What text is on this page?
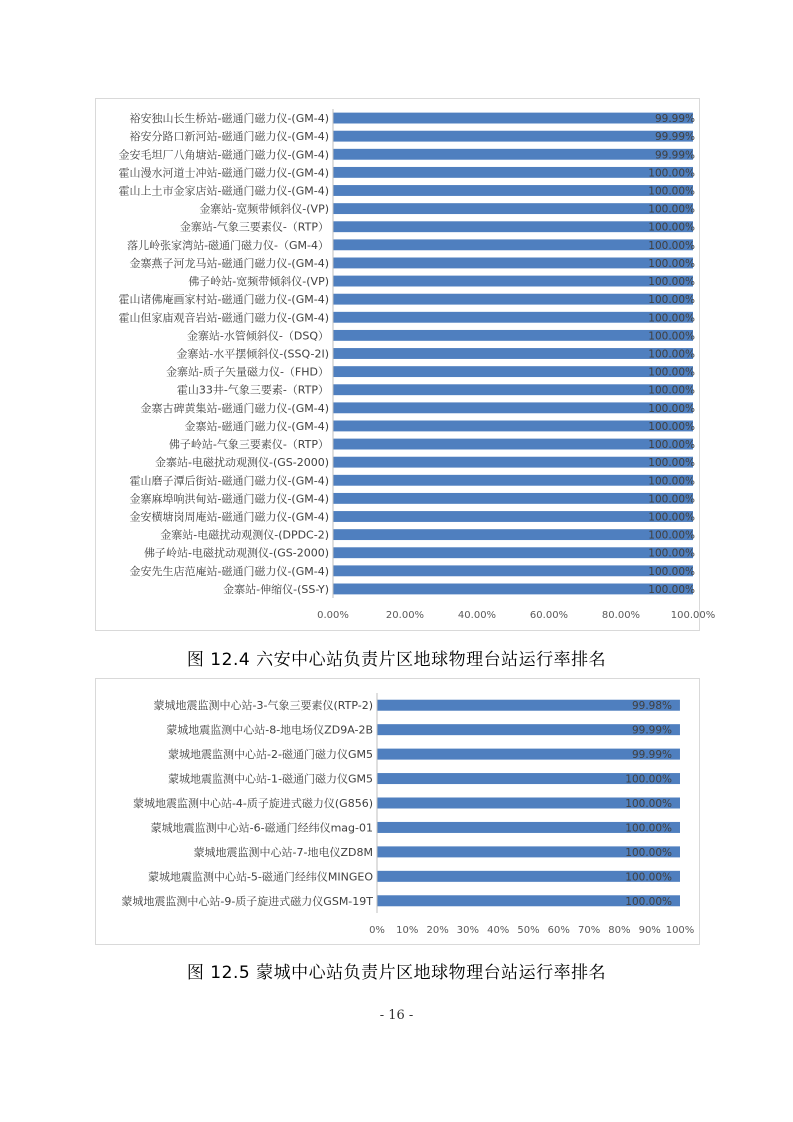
裕安独山长生桥站-磁通门磁力仪-(GM-4)	99.99%
裕安分路口新河站-磁通门磁力仪-(GM-4)	99.99%
金安毛坦厂八角塘站-磁通门磁力仪-(GM-4)	99.99%
霍山漫水河道士冲站-磁通门磁力仪-(GM-4)	100.00%
霍山上土市金家店站-磁通门磁力仪-(GM-4)	100.00%
金寨站-宽频带倾斜仪-(VP)	100.00%
金寨站-气象三要素仪-（RTP）	100.00%
落儿岭张家湾站-磁通门磁力仪-（GM-4）	100.00%
金寨燕子河龙马站-磁通门磁力仪-(GM-4)	100.00%
佛子岭站-宽频带倾斜仪-(VP)	100.00%
霍山诸佛庵画家村站-磁通门磁力仪-(GM-4)	100.00%
霍山但家庙观音岩站-磁通门磁力仪-(GM-4)	100.00%
金寨站-水管倾斜仪-（DSQ）	100.00%
金寨站-水平摆倾斜仪-(SSQ-2I)	100.00%
金寨站-质子矢量磁力仪-（FHD）	100.00%
霍山33井-气象三要素-（RTP）	100.00%
金寨古碑黄集站-磁通门磁力仪-(GM-4)	100.00%
金寨站-磁通门磁力仪-(GM-4)	100.00%
佛子岭站-气象三要素仪-（RTP）	100.00%
金寨站-电磁扰动观测仪-(GS-2000)	100.00%
霍山磨子潭后街站-磁通门磁力仪-(GM-4)	100.00%
金寨麻埠响洪甸站-磁通门磁力仪-(GM-4)	100.00%
金安横塘岗周庵站-磁通门磁力仪-(GM-4)	100.00%
金寨站-电磁扰动观测仪-(DPDC-2)	100.00%
佛子岭站-电磁扰动观测仪-(GS-2000)	100.00%
金安先生店范庵站-磁通门磁力仪-(GM-4)	100.00%
金寨站-伸缩仪-(SS-Y)	100.00%
0.00%	20.00%	40.00%	60.00%	80.00%	100.00%
图 12.4 六安中心站负责片区地球物理台站运行率排名
蒙城地震监测中心站-3-气象三要素仪(RTP-2)	99.98%
蒙城地震监测中心站-8-地电场仪ZD9A-2B	99.99%
蒙城地震监测中心站-2-磁通门磁力仪GM5	99.99%
蒙城地震监测中心站-1-磁通门磁力仪GM5	100.00%
蒙城地震监测中心站-4-质子旋进式磁力仪(G856)	100.00%
蒙城地震监测中心站-6-磁通门经纬仪mag-01	100.00%
蒙城地震监测中心站-7-地电仪ZD8M	100.00%
蒙城地震监测中心站-5-磁通门经纬仪MINGEO	100.00%
蒙城地震监测中心站-9-质子旋进式磁力仪GSM-19T	100.00%
0% 10% 20% 30% 40% 50% 60% 70% 80% 90% 100%
图 12.5 蒙城中心站负责片区地球物理台站运行率排名
- 16 -
